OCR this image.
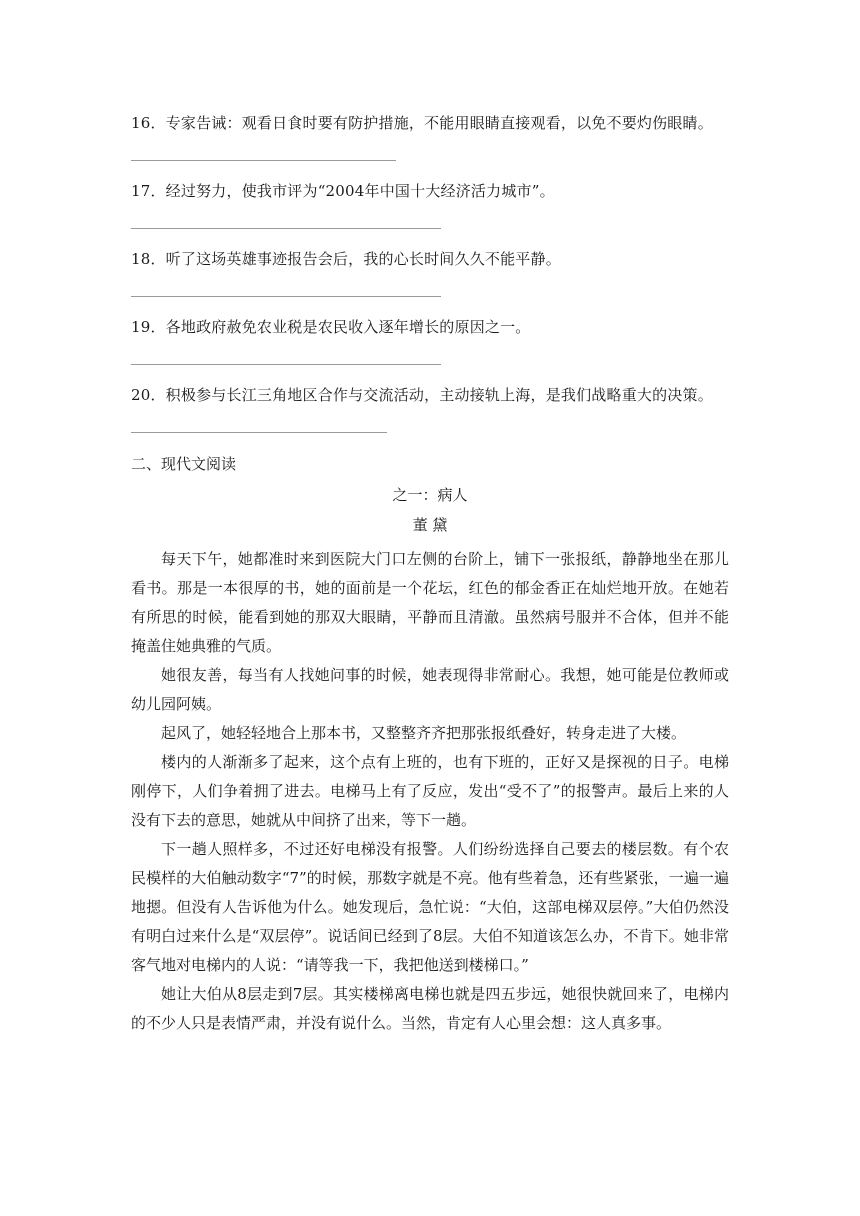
16．专家告诫：观看日食时要有防护措施，不能用眼睛直接观看，以免不要灼伤眼睛。
17．经过努力，使我市评为“2004年中国十大经济活力城市”。
18．听了这场英雄事迹报告会后，我的心长时间久久不能平静。
19．各地政府赦免农业税是农民收入逐年增长的原因之一。
20．积极参与长江三角地区合作与交流活动，主动接轨上海，是我们战略重大的决策。
二、现代文阅读
之一：病人
董 黛

每天下午，她都准时来到医院大门口左侧的台阶上，铺下一张报纸，静静地坐在那儿看书。那是一本很厚的书，她的面前是一个花坛，红色的郁金香正在灿烂地开放。在她若有所思的时候，能看到她的那双大眼睛，平静而且清澈。虽然病号服并不合体，但并不能掩盖住她典雅的气质。

她很友善，每当有人找她问事的时候，她表现得非常耐心。我想，她可能是位教师或幼儿园阿姨。

起风了，她轻轻地合上那本书，又整整齐齐把那张报纸叠好，转身走进了大楼。

楼内的人渐渐多了起来，这个点有上班的，也有下班的，正好又是探视的日子。电梯刚停下，人们争着拥了进去。电梯马上有了反应，发出“受不了”的报警声。最后上来的人没有下去的意思，她就从中间挤了出来，等下一趟。

下一趟人照样多，不过还好电梯没有报警。人们纷纷选择自己要去的楼层数。有个农民模样的大伯触动数字“7”的时候，那数字就是不亮。他有些着急，还有些紧张，一遍一遍地摁。但没有人告诉他为什么。她发现后，急忙说：“大伯，这部电梯双层停。”大伯仍然没有明白过来什么是“双层停”。说话间已经到了8层。大伯不知道该怎么办，不肯下。她非常客气地对电梯内的人说：“请等我一下，我把他送到楼梯口。”

她让大伯从8层走到7层。其实楼梯离电梯也就是四五步远，她很快就回来了，电梯内的不少人只是表情严肃，并没有说什么。当然，肯定有人心里会想：这人真多事。
